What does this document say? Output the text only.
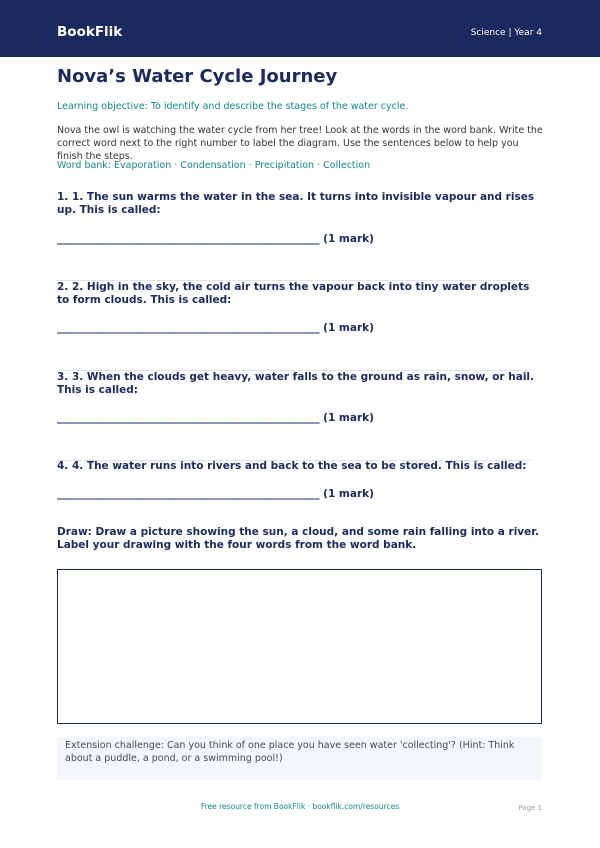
BookFlik	Science | Year 4
Nova’s Water Cycle Journey
Learning objective: To identify and describe the stages of the water cycle.
Nova the owl is watching the water cycle from her tree! Look at the words in the word bank. Write the correct word next to the right number to label the diagram. Use the sentences below to help you finish the steps.
Word bank: Evaporation · Condensation · Precipitation · Collection
1. 1. The sun warms the water in the sea. It turns into invisible vapour and rises up. This is called:
__________________________________________________ (1 mark)
2. 2. High in the sky, the cold air turns the vapour back into tiny water droplets to form clouds. This is called:
__________________________________________________ (1 mark)
3. 3. When the clouds get heavy, water falls to the ground as rain, snow, or hail. This is called:
__________________________________________________ (1 mark)
4. 4. The water runs into rivers and back to the sea to be stored. This is called:
__________________________________________________ (1 mark)
Draw: Draw a picture showing the sun, a cloud, and some rain falling into a river. Label your drawing with the four words from the word bank.
Extension challenge: Can you think of one place you have seen water 'collecting'? (Hint: Think about a puddle, a pond, or a swimming pool!)
Free resource from BookFlik · bookflik.com/resources	Page 1
